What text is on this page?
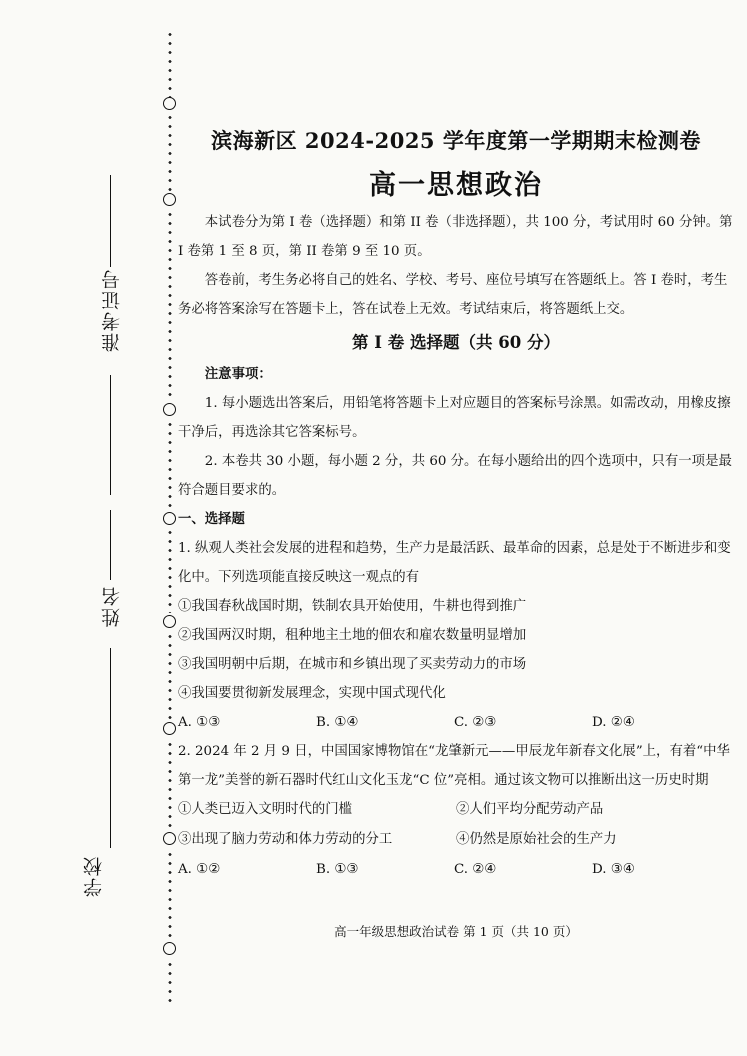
准考证号
姓名
学校
滨海新区 2024-2025 学年度第一学期期末检测卷
高一思想政治

本试卷分为第 I 卷（选择题）和第 II 卷（非选择题），共 100 分，考试用时 60 分钟。第 I 卷第 1 至 8 页，第 II 卷第 9 至 10 页。

答卷前，考生务必将自己的姓名、学校、考号、座位号填写在答题纸上。答 I 卷时，考生务必将答案涂写在答题卡上，答在试卷上无效。考试结束后，将答题纸上交。

第 I 卷 选择题（共 60 分）

注意事项：

1. 每小题选出答案后，用铅笔将答题卡上对应题目的答案标号涂黑。如需改动，用橡皮擦干净后，再选涂其它答案标号。

2. 本卷共 30 小题，每小题 2 分，共 60 分。在每小题给出的四个选项中，只有一项是最符合题目要求的。

一、选择题

1. 纵观人类社会发展的进程和趋势，生产力是最活跃、最革命的因素，总是处于不断进步和变化中。下列选项能直接反映这一观点的有

①我国春秋战国时期，铁制农具开始使用，牛耕也得到推广

②我国两汉时期，租种地主土地的佃农和雇农数量明显增加

③我国明朝中后期，在城市和乡镇出现了买卖劳动力的市场

④我国要贯彻新发展理念，实现中国式现代化

A. ①③	B. ①④	C. ②③	D. ②④

2. 2024 年 2 月 9 日，中国国家博物馆在“龙肇新元——甲辰龙年新春文化展”上，有着“中华第一龙”美誉的新石器时代红山文化玉龙“C 位”亮相。通过该文物可以推断出这一历史时期

①人类已迈入文明时代的门槛	②人们平均分配劳动产品
③出现了脑力劳动和体力劳动的分工	④仍然是原始社会的生产力
A. ①②	B. ①③	C. ②④	D. ③④
高一年级思想政治试卷 第 1 页（共 10 页）
